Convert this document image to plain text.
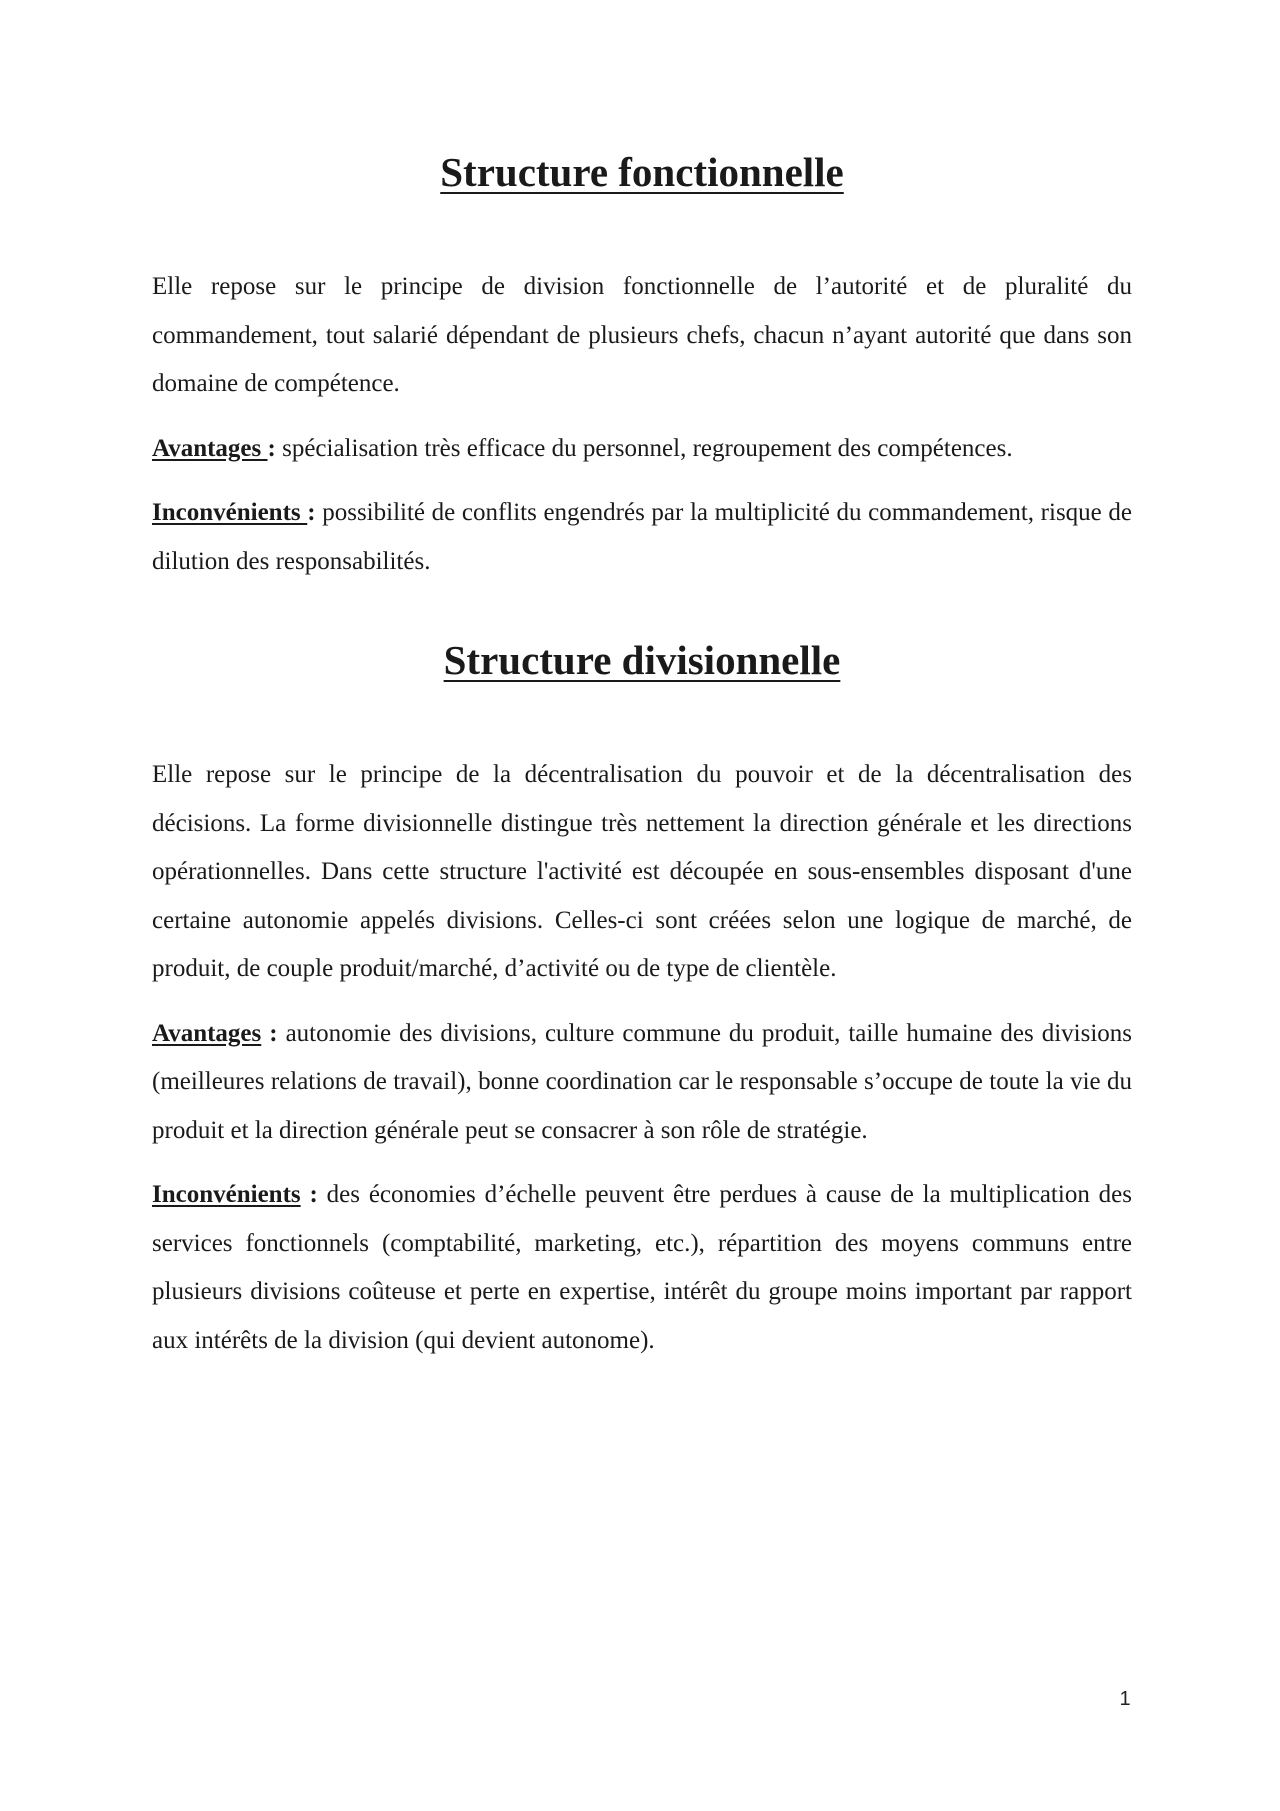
Structure fonctionnelle

Elle repose sur le principe de division fonctionnelle de l’autorité et de pluralité du commandement, tout salarié dépendant de plusieurs chefs, chacun n’ayant autorité que dans son domaine de compétence.

Avantages : spécialisation très efficace du personnel, regroupement des compétences.

Inconvénients : possibilité de conflits engendrés par la multiplicité du commandement, risque de dilution des responsabilités.

Structure divisionnelle

Elle repose sur le principe de la décentralisation du pouvoir et de la décentralisation des décisions. La forme divisionnelle distingue très nettement la direction générale et les directions opérationnelles. Dans cette structure l'activité est découpée en sous-ensembles disposant d'une certaine autonomie appelés divisions. Celles-ci sont créées selon une logique de marché, de produit, de couple produit/marché, d’activité ou de type de clientèle.

Avantages : autonomie des divisions, culture commune du produit, taille humaine des divisions (meilleures relations de travail), bonne coordination car le responsable s’occupe de toute la vie du produit et la direction générale peut se consacrer à son rôle de stratégie.

Inconvénients : des économies d’échelle peuvent être perdues à cause de la multiplication des services fonctionnels (comptabilité, marketing, etc.), répartition des moyens communs entre plusieurs divisions coûteuse et perte en expertise, intérêt du groupe moins important par rapport aux intérêts de la division (qui devient autonome).

1
